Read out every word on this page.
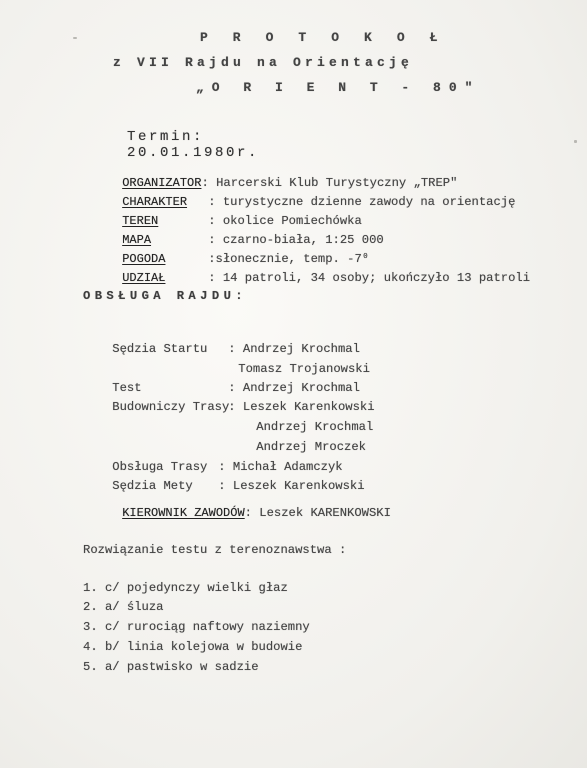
P R O T O K O Ł
z VII Rajdu na Orientację
„O R I E N T - 80"

Termin:
20.01.1980r.

ORGANIZATOR: Harcerski Klub Turystyczny „TREP"

CHARAKTER : turystyczne dzienne zawody na orientację

TEREN	: okolice Pomiechówka

MAPA	: czarno-biała, 1:25 000

POGODA	:słonecznie, temp. -7⁰

UDZIAŁ	: 14 patroli, 34 osoby; ukończyło 13 patroli

OBSŁUGA RAJDU:

Sędzia Startu : Andrzej Krochmal

Tomasz Trojanowski

Test	: Andrzej Krochmal

Budowniczy Trasy: Leszek Karenkowski

Andrzej Krochmal

Andrzej Mroczek

Obsługa Trasy : Michał Adamczyk

Sędzia Mety : Leszek Karenkowski

KIEROWNIK ZAWODÓW: Leszek KARENKOWSKI

Rozwiązanie testu z terenoznawstwa :
1. c/ pojedynczy wielki głaz
2. a/ śluza
3. c/ rurociąg naftowy naziemny
4. b/ linia kolejowa w budowie
5. a/ pastwisko w sadzie
